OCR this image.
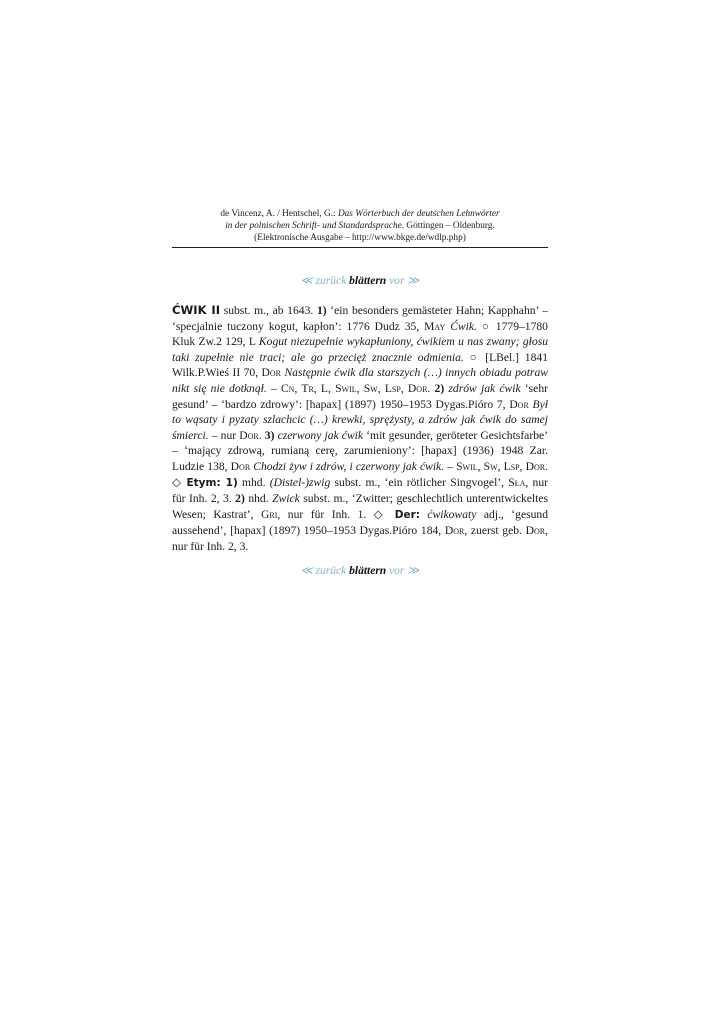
de Vincenz, A. / Hentschel, G.: Das Wörterbuch der deutschen Lehnwörter
in der polnischen Schrift- und Standardsprache. Göttingen – Oldenburg.
(Elektronische Ausgabe – http://www.bkge.de/wdlp.php)
≪ zurück blättern vor ≫
ĆWIK II subst. m., ab 1643. 1) ‘ein besonders gemästeter Hahn; Kapphahn’ – ‘specjalnie tuczony kogut, kapłon’: 1776 Dudz 35, May Ćwik. ○ 1779–1780 Kluk Zw.2 129, L Kogut niezupełnie wykapłuniony, ćwikiem u nas zwany; głosu taki zupełnie nie traci; ale go przecięż znacznie odmienia. ○ [LBel.] 1841 Wilk.P.Wieś II 70, Dor Następnie ćwik dla starszych (…) innych obiadu potraw nikt się nie dotknął. – Cn, Tr, L, Swil, Sw, Lsp, Dor. 2) zdrów jak ćwik ‘sehr gesund’ – ‘bardzo zdrowy’: [hapax] (1897) 1950–1953 Dygas.Pióro 7, Dor Był to wąsaty i pyzaty szlachcic (…) krewki, sprężysty, a zdrów jak ćwik do samej śmierci. – nur Dor. 3) czerwony jak ćwik ‘mit gesunder, geröteter Gesichtsfarbe’ – ‘mający zdrową, rumianą cerę, zarumieniony’: [hapax] (1936) 1948 Zar. Ludzie 138, Dor Chodzi żyw i zdrów, i czerwony jak ćwik. – Swil, Sw, Lsp, Dor. ◇ Etym: 1) mhd. (Distel-)zwig subst. m., ‘ein rötlicher Singvogel’, Sła, nur für Inh. 2, 3. 2) nhd. Zwick subst. m., ‘Zwitter; geschlechtlich unterentwickeltes Wesen; Kastrat’, Gri, nur für Inh. 1. ◇ Der: ćwikowaty adj., ‘gesund aussehend’, [hapax] (1897) 1950–1953 Dygas.Pióro 184, Dor, zuerst geb. Dor, nur für Inh. 2, 3.
≪ zurück blättern vor ≫
